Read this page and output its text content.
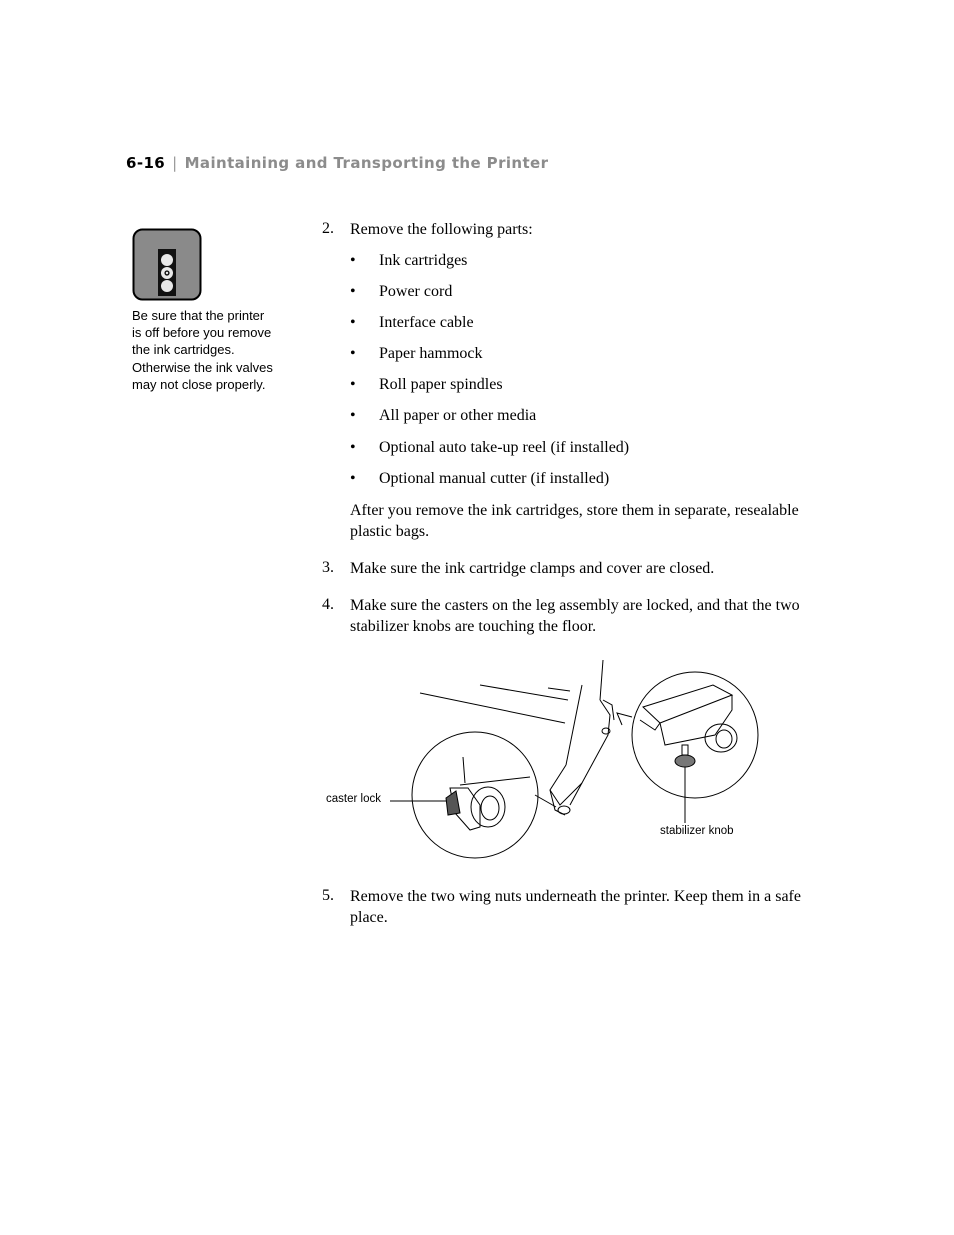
6-16 | Maintaining and Transporting the Printer
Be sure that the printer
is off before you remove
the ink cartridges.
Otherwise the ink valves
may not close properly.
2. Remove the following parts:
• Ink cartridges
• Power cord
• Interface cable
• Paper hammock
• Roll paper spindles
• All paper or other media
• Optional auto take-up reel (if installed)
• Optional manual cutter (if installed)
After you remove the ink cartridges, store them in separate, resealable plastic bags.
3. Make sure the ink cartridge clamps and cover are closed.
4. Make sure the casters on the leg assembly are locked, and that the two stabilizer knobs are touching the floor.
caster lock
stabilizer knob
5. Remove the two wing nuts underneath the printer. Keep them in a safe place.
